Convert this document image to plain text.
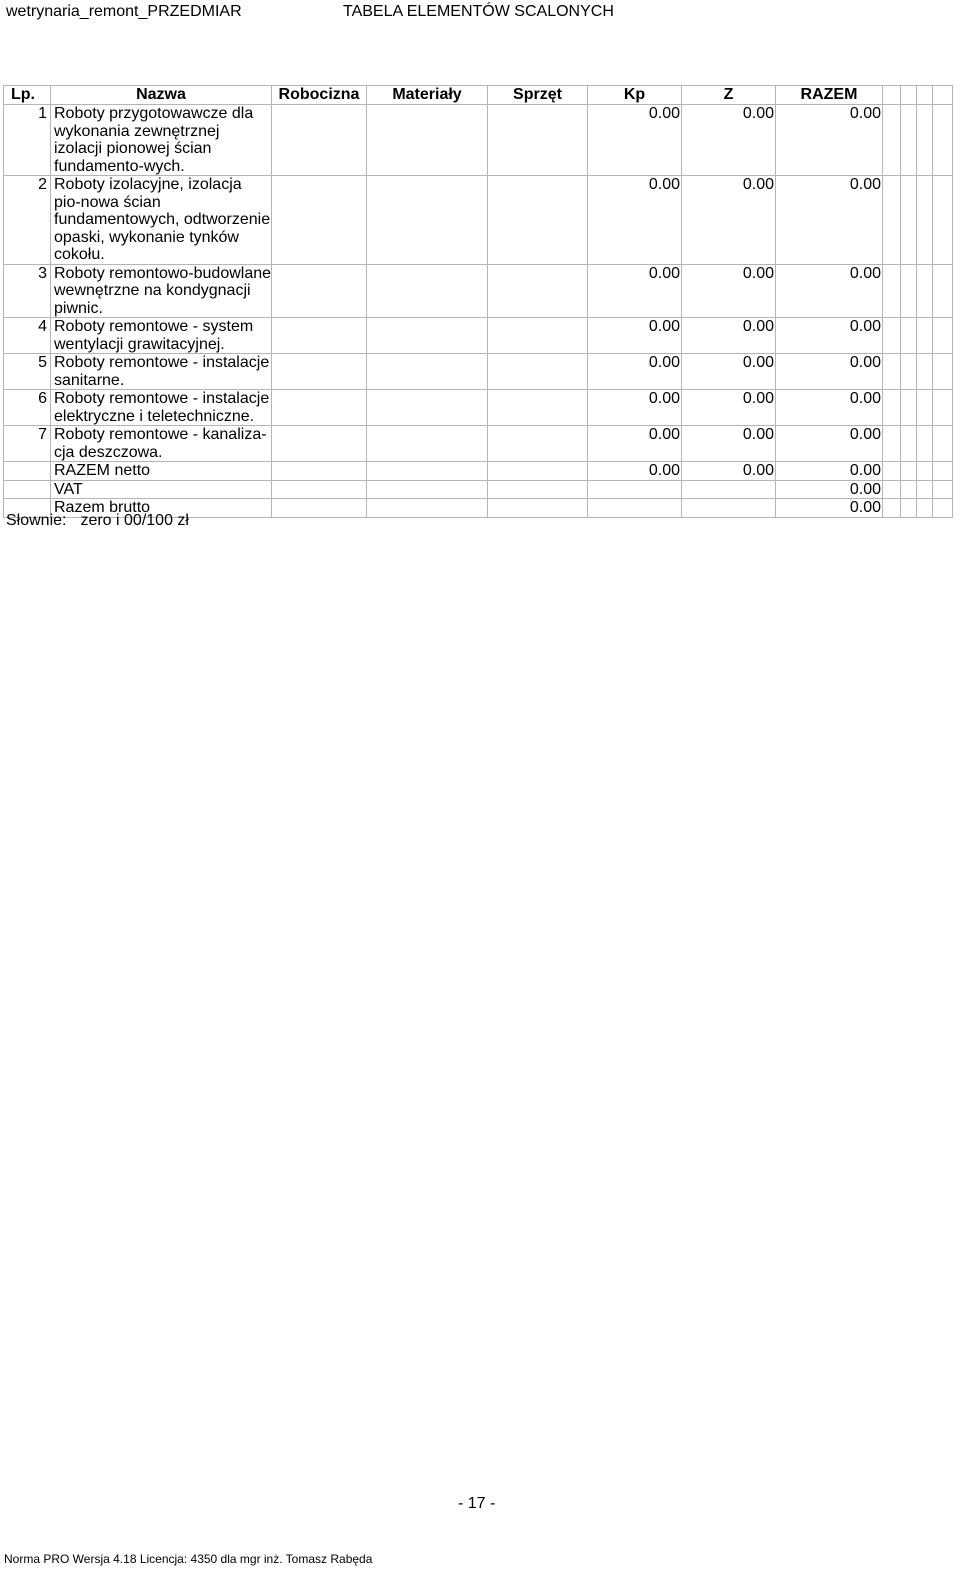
wetrynaria_remont_PRZEDMIAR	TABELA ELEMENTÓW SCALONYCH
Lp.	Nazwa	Robocizna	Materiały	Sprzęt	Kp	Z	RAZEM				
1	Roboty przygotowawcze dla wykonania zewnętrznej izolacji pionowej ścian fundamento-wych.				0.00	0.00	0.00				
2	Roboty izolacyjne, izolacja pio-nowa ścian fundamentowych, odtworzenie opaski, wykonanie tynków cokołu.				0.00	0.00	0.00				
3	Roboty remontowo-budowlane wewnętrzne na kondygnacji piwnic.				0.00	0.00	0.00				
4	Roboty remontowe - system wentylacji grawitacyjnej.				0.00	0.00	0.00				
5	Roboty remontowe - instalacje sanitarne.				0.00	0.00	0.00				
6	Roboty remontowe - instalacje elektryczne i teletechniczne.				0.00	0.00	0.00				
7	Roboty remontowe - kanaliza-cja deszczowa.				0.00	0.00	0.00				
	RAZEM netto				0.00	0.00	0.00				
	VAT						0.00				
	Razem brutto						0.00				
Słownie: zero i 00/100 zł
- 17 -
Norma PRO Wersja 4.18 Licencja: 4350 dla mgr inż. Tomasz Rabęda
